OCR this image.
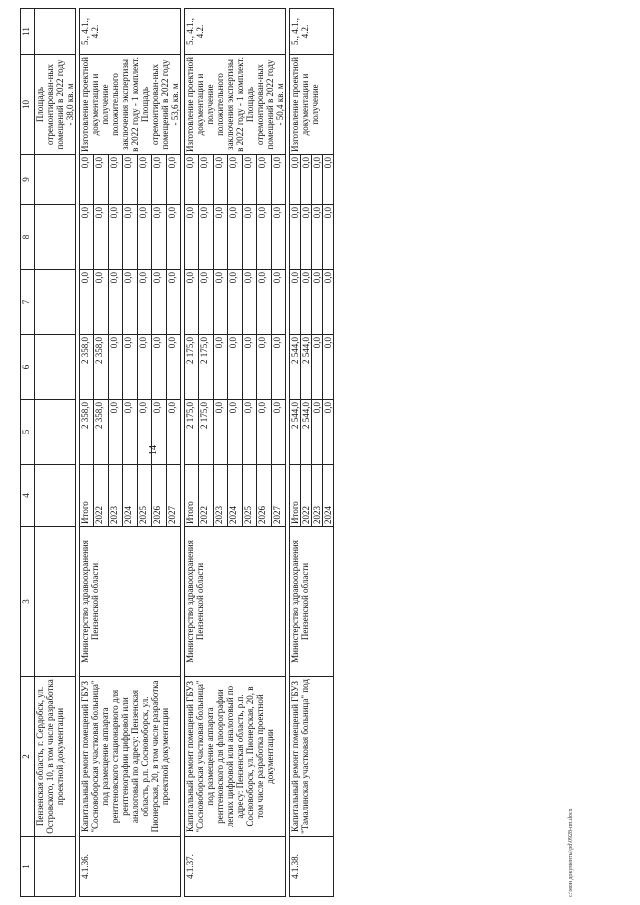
14
1	2	3	4	5	6	7	8	9	10	11
	Пензенская область, г. Сердобск, ул. Островского, 10, в том числе разработка проектной документации								Площадь отремонтирован-ных помещений в 2022 году - 38,0 кв. м	

4.1.36.	Капитальный ремонт помещений ГБУЗ "Сосновоборская участковая больница" под размещение аппарата рентгеновского стационарного для рентгенографии цифровой или аналоговый по адресу: Пензенская область, р.п. Сосновоборск, ул. Пионерская, 20, в том числе разработка проектной документации	Министерство здравоохранения Пензенской области	Итого	2 358,0	2 358,0	0,0	0,0	0,0	Изготовление проектной документации и получение положительного заключения экспертизы в 2022 году - 1 комплект. Площадь отремонтирован-ных помещений в 2022 году - 53,6 кв. м	5., 4.1., 4.2.
			2022	2 358,0	2 358,0	0,0	0,0	0,0		
			2023	0,0	0,0	0,0	0,0	0,0		
			2024	0,0	0,0	0,0	0,0	0,0		
			2025	0,0	0,0	0,0	0,0	0,0		
			2026	0,0	0,0	0,0	0,0	0,0		
			2027	0,0	0,0	0,0	0,0	0,0		

4.1.37.	Капитальный ремонт помещений ГБУЗ "Сосновоборская участковая больница" под размещение аппарата рентгеновского для флюорографии легких цифровой или аналоговый по адресу: Пензенская область, р.п. Сосновоборск, ул. Пионерская, 20, в том числе разработка проектной документации	Министерство здравоохранения Пензенской области	Итого	2 175,0	2 175,0	0,0	0,0	0,0	Изготовление проектной документации и получение положительного заключения экспертизы в 2022 году - 1 комплект. Площадь отремонтирован-ных помещений в 2022 году - 50,4 кв. м	5., 4.1., 4.2.
			2022	2 175,0	2 175,0	0,0	0,0	0,0		
			2023	0,0	0,0	0,0	0,0	0,0		
			2024	0,0	0,0	0,0	0,0	0,0		
			2025	0,0	0,0	0,0	0,0	0,0		
			2026	0,0	0,0	0,0	0,0	0,0		
			2027	0,0	0,0	0,0	0,0	0,0		

4.1.38.	Капитальный ремонт помещений ГБУЗ "Тамалинская участковая больница" под	Министерство здравоохранения Пензенской области	Итого	2 544,0	2 544,0	0,0	0,0	0,0	Изготовление проектной документации и получение	5., 4.1., 4.2.
			2022	2 544,0	2 544,0	0,0	0,0	0,0		
			2023	0,0	0,0	0,0	0,0	0,0		
			2024	0,0	0,0	0,0	0,0	0,0		
c:\мои документы\pd\0928-пп.docx
